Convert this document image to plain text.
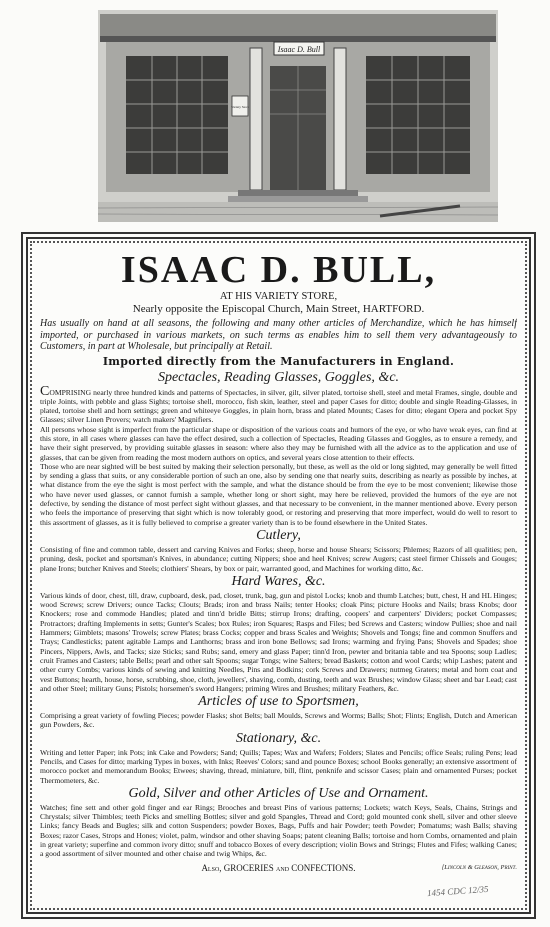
Isaac D. Bull
Variety Store
ISAAC D. BULL,
AT HIS VARIETY STORE,
Nearly opposite the Episcopal Church, Main Street, HARTFORD.
Has usually on hand at all seasons, the following and many other articles of Merchandize, which he has himself imported, or purchased in various markets, on such terms as enables him to sell them very advantageously to Customers, in part at Wholesale, but principally at Retail.
Imported directly from the Manufacturers in England.
Spectacles, Reading Glasses, Goggles, &c.

COMPRISING nearly three hundred kinds and patterns of Spectacles, in silver, gilt, silver plated, tortoise shell, steel and metal Frames, single, double and triple Joints, with pebble and glass Sights; tortoise shell, morocco, fish skin, leather, steel and paper Cases for ditto; double and single Reading-Glasses, in plated, tortoise shell and horn settings; green and whiteeye Goggles, in plain horn, brass and plated Mounts; Cases for ditto; elegant Opera and pocket Spy Glasses; silver Linen Provers; watch makers' Magnifiers.

All persons whose sight is imperfect from the particular shape or disposition of the various coats and humors of the eye, or who have weak eyes, can find at this store, in all cases where glasses can have the effect desired, such a collection of Spectacles, Reading Glasses and Goggles, as to ensure a remedy, and have their sight preserved, by providing suitable glasses in season: where also they may be furnished with all the advice as to the application and use of glasses, that can be given from reading the most modern authors on optics, and several years close attention to their effects.

Those who are near sighted will be best suited by making their selection personally, but these, as well as the old or long sighted, may generally be well fitted by sending a glass that suits, or any considerable portion of such an one, also by sending one that nearly suits, describing as nearly as possible by inches, at what distance from the eye the sight is most perfect with the sample, and what the distance should be from the eye to be most convenient; likewise those who have never used glasses, or cannot furnish a sample, whether long or short sight, may here be relieved, provided the humors of the eye are not defective, by sending the distance of most perfect sight without glasses, and that necessary to be convenient, in the manner mentioned above. Every person who feels the importance of preserving that sight which is now tolerably good, or restoring and preserving that more imperfect, would do well to resort to this assortment of glasses, as it is fully believed to comprise a greater variety than is to be found elsewhere in the United States.

Cutlery,

Consisting of fine and common table, dessert and carving Knives and Forks; sheep, horse and house Shears; Scissors; Phlemes; Razors of all qualities; pen, pruning, desk, pocket and sportsman's Knives, in abundance; cutting Nippers; shoe and heel Knives; screw Augers; cast steel firmer Chissels and Gouges; plane Irons; butcher Knives and Steels; clothiers' Shears, by box or pair, warranted good, and Machines for working ditto, &c.

Hard Wares, &c.

Various kinds of door, chest, till, draw, cupboard, desk, pad, closet, trunk, bag, gun and pistol Locks; knob and thumb Latches; butt, chest, H and HL Hinges; wood Screws; screw Drivers; ounce Tacks; Clouts; Brads; iron and brass Nails; tenter Hooks; cloak Pins; picture Hooks and Nails; brass Knobs; door Knockers; rose and commode Handles; plated and tinn'd bridle Bitts; stirrup Irons; drafting, coopers' and carpenters' Dividers; pocket Compasses; Protractors; drafting Implements in setts; Gunter's Scales; box Rules; iron Squares; Rasps and Files; bed Screws and Casters; window Pullies; shoe and nail Hammers; Gimblets; masons' Trowels; screw Plates; brass Cocks; copper and brass Scales and Weights; Shovels and Tongs; fine and common Snuffers and Trays; Candlesticks; patent agitable Lamps and Lanthorns; brass and iron bone Bellows; sad Irons; warming and frying Pans; Shovels and Spades; shoe Pincers, Nippers, Awls, and Tacks; size Sticks; sand Rubs; sand, emery and glass Paper; tinn'd Iron, pewter and britania table and tea Spoons; soup Ladles; cruit Frames and Casters; table Bells; pearl and other salt Spoons; sugar Tongs; wine Salters; bread Baskets; cotton and wool Cards; whip Lashes; patent and other curry Combs; various kinds of sewing and knitting Needles, Pins and Bodkins; cork Screws and Drawers; nutmeg Graters; metal and horn coat and vest Buttons; hearth, house, horse, scrubbing, shoe, cloth, jewellers', shaving, comb, dusting, teeth and wax Brushes; window Glass; sheet and bar Lead; cast and other Steel; military Guns; Pistols; horsemen's sword Hangers; priming Wires and Brushes; military Feathers, &c.

Articles of use to Sportsmen,

Comprising a great variety of fowling Pieces; powder Flasks; shot Belts; ball Moulds, Screws and Worms; Balls; Shot; Flints; English, Dutch and American gun Powders, &c.

Stationary, &c.

Writing and letter Paper; ink Pots; ink Cake and Powders; Sand; Quills; Tapes; Wax and Wafers; Folders; Slates and Pencils; office Seals; ruling Pens; lead Pencils, and Cases for ditto; marking Types in boxes, with Inks; Reeves' Colors; sand and pounce Boxes; school Books generally; an extensive assortment of morocco pocket and memorandum Books; Etwees; shaving, thread, miniature, bill, flint, penknife and scissor Cases; plain and ornamented Purses; pocket Thermometers, &c.

Gold, Silver and other Articles of Use and Ornament.

Watches; fine sett and other gold finger and ear Rings; Brooches and breast Pins of various patterns; Lockets; watch Keys, Seals, Chains, Strings and Chrystals; silver Thimbles; teeth Picks and smelling Bottles; silver and gold Spangles, Thread and Cord; gold mounted conk shell, silver and other sleeve Links; fancy Beads and Bugles; silk and cotton Suspenders; powder Boxes, Bags, Puffs and hair Powder; teeth Powder; Pomatums; wash Balls; shaving Boxes; razor Cases, Strops and Hones; violet, palm, windsor and other shaving Soaps; patent cleaning Balls; tortoise and horn Combs, ornamented and plain in great variety; superfine and common ivory ditto; snuff and tobacco Boxes of every description; violin Bows and Strings; Flutes and Fifes; walking Canes; a good assortment of silver mounted and other chaise and twig Whips, &c.

Also, GROCERIES and CONFECTIONS.	[Lincoln & Gleason, Print.
1454 CDC 12/35
